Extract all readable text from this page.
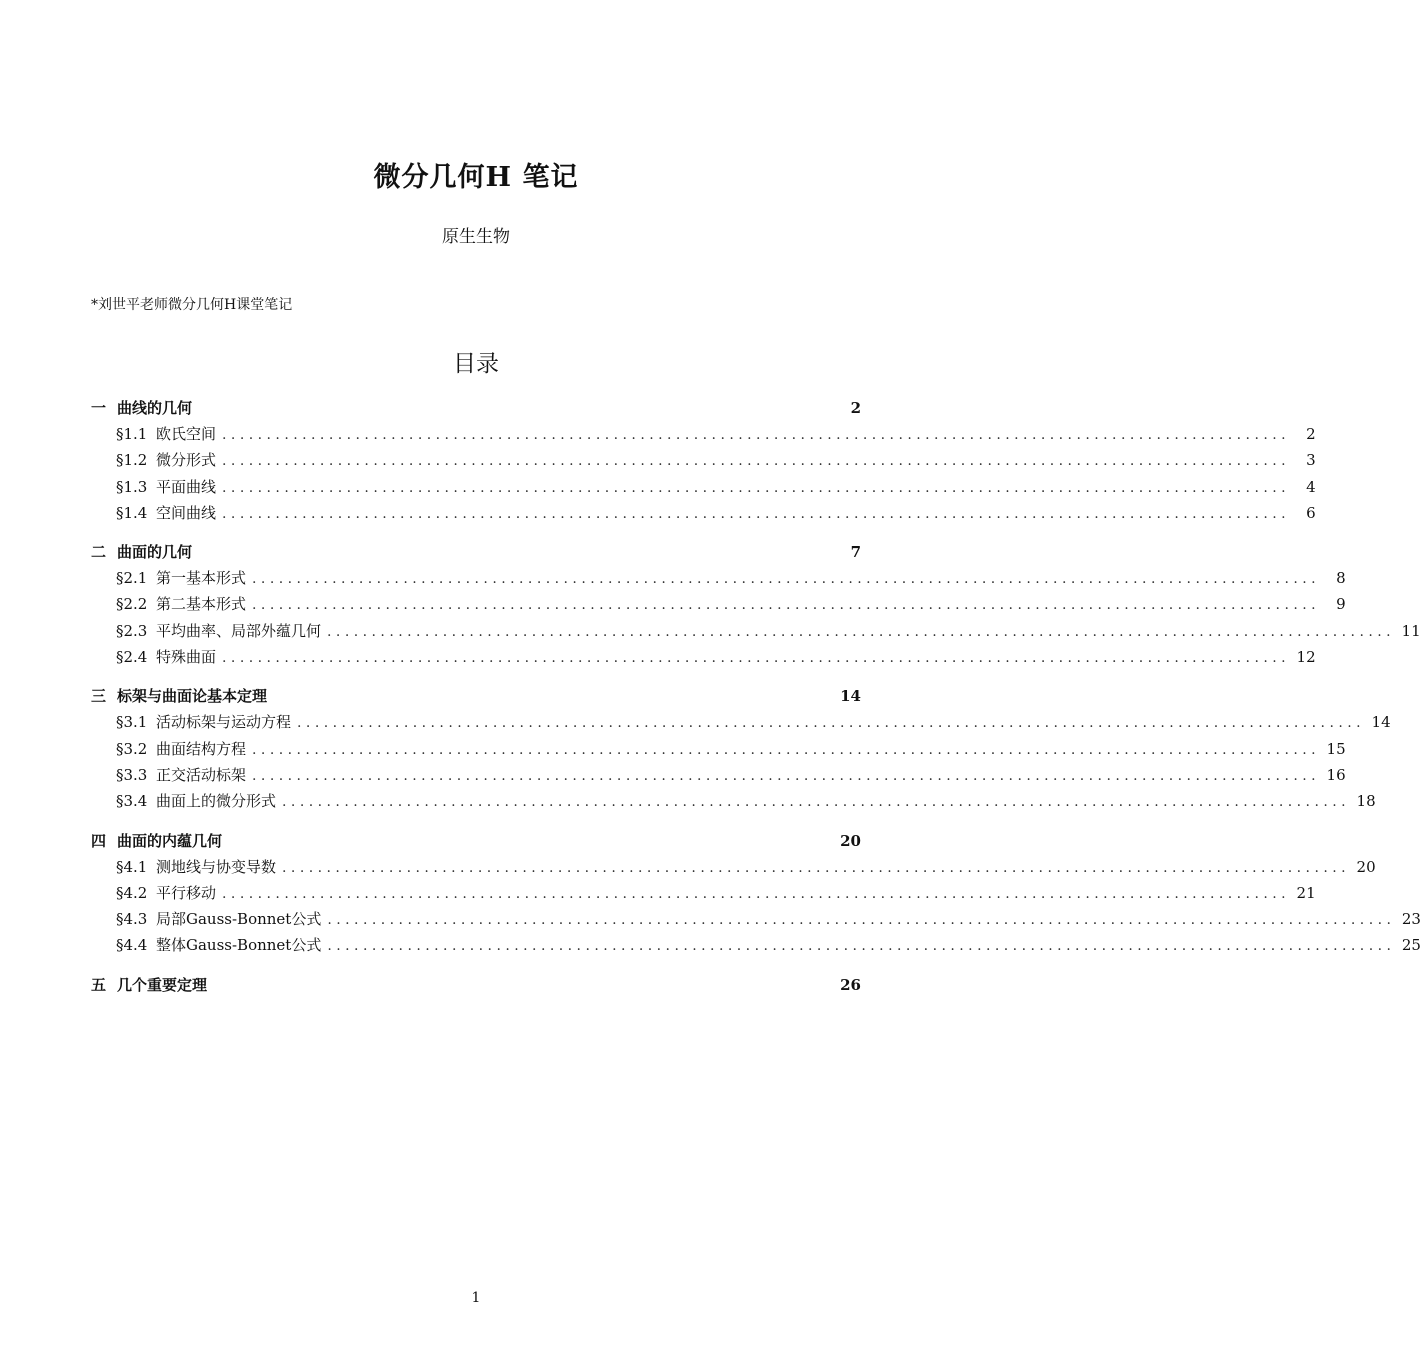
微分几何H 笔记
原生生物
*刘世平老师微分几何H课堂笔记
目录
一 曲线的几何	2
§1.1 欧氏空间 . . . . . . . . . . . . . . . . . . . . . . . . . . . . . . . . . . . . . . . . . . . . . . . . . . . . . . . . . . . . . . . . . . . . . . . . . . . . . . . . . . . . . . . . . . . . . . . . . . . . . . . . . . . . . . . . . . . . . . . .	2
§1.2 微分形式 . . . . . . . . . . . . . . . . . . . . . . . . . . . . . . . . . . . . . . . . . . . . . . . . . . . . . . . . . . . . . . . . . . . . . . . . . . . . . . . . . . . . . . . . . . . . . . . . . . . . . . . . . . . . . . . . . . . . . . . .	3
§1.3 平面曲线 . . . . . . . . . . . . . . . . . . . . . . . . . . . . . . . . . . . . . . . . . . . . . . . . . . . . . . . . . . . . . . . . . . . . . . . . . . . . . . . . . . . . . . . . . . . . . . . . . . . . . . . . . . . . . . . . . . . . . . . .	4
§1.4 空间曲线 . . . . . . . . . . . . . . . . . . . . . . . . . . . . . . . . . . . . . . . . . . . . . . . . . . . . . . . . . . . . . . . . . . . . . . . . . . . . . . . . . . . . . . . . . . . . . . . . . . . . . . . . . . . . . . . . . . . . . . . .	6
二 曲面的几何	7
§2.1 第一基本形式 . . . . . . . . . . . . . . . . . . . . . . . . . . . . . . . . . . . . . . . . . . . . . . . . . . . . . . . . . . . . . . . . . . . . . . . . . . . . . . . . . . . . . . . . . . . . . . . . . . . . . . . . . . . . . . . . . . . . . . . .	8
§2.2 第二基本形式 . . . . . . . . . . . . . . . . . . . . . . . . . . . . . . . . . . . . . . . . . . . . . . . . . . . . . . . . . . . . . . . . . . . . . . . . . . . . . . . . . . . . . . . . . . . . . . . . . . . . . . . . . . . . . . . . . . . . . . . .	9
§2.3 平均曲率、局部外蕴几何 . . . . . . . . . . . . . . . . . . . . . . . . . . . . . . . . . . . . . . . . . . . . . . . . . . . . . . . . . . . . . . . . . . . . . . . . . . . . . . . . . . . . . . . . . . . . . . . . . . . . . . . . . . . . . . . . . . . . . . . . 11
§2.4 特殊曲面 . . . . . . . . . . . . . . . . . . . . . . . . . . . . . . . . . . . . . . . . . . . . . . . . . . . . . . . . . . . . . . . . . . . . . . . . . . . . . . . . . . . . . . . . . . . . . . . . . . . . . . . . . . . . . . . . . . . . . . . . 12
三 标架与曲面论基本定理	14
§3.1 活动标架与运动方程 . . . . . . . . . . . . . . . . . . . . . . . . . . . . . . . . . . . . . . . . . . . . . . . . . . . . . . . . . . . . . . . . . . . . . . . . . . . . . . . . . . . . . . . . . . . . . . . . . . . . . . . . . . . . . . . . . . . . . . . . 14
§3.2 曲面结构方程 . . . . . . . . . . . . . . . . . . . . . . . . . . . . . . . . . . . . . . . . . . . . . . . . . . . . . . . . . . . . . . . . . . . . . . . . . . . . . . . . . . . . . . . . . . . . . . . . . . . . . . . . . . . . . . . . . . . . . . . . 15
§3.3 正交活动标架 . . . . . . . . . . . . . . . . . . . . . . . . . . . . . . . . . . . . . . . . . . . . . . . . . . . . . . . . . . . . . . . . . . . . . . . . . . . . . . . . . . . . . . . . . . . . . . . . . . . . . . . . . . . . . . . . . . . . . . . . 16
§3.4 曲面上的微分形式 . . . . . . . . . . . . . . . . . . . . . . . . . . . . . . . . . . . . . . . . . . . . . . . . . . . . . . . . . . . . . . . . . . . . . . . . . . . . . . . . . . . . . . . . . . . . . . . . . . . . . . . . . . . . . . . . . . . . . . . . 18
四 曲面的内蕴几何	20
§4.1 测地线与协变导数 . . . . . . . . . . . . . . . . . . . . . . . . . . . . . . . . . . . . . . . . . . . . . . . . . . . . . . . . . . . . . . . . . . . . . . . . . . . . . . . . . . . . . . . . . . . . . . . . . . . . . . . . . . . . . . . . . . . . . . . . 20
§4.2 平行移动 . . . . . . . . . . . . . . . . . . . . . . . . . . . . . . . . . . . . . . . . . . . . . . . . . . . . . . . . . . . . . . . . . . . . . . . . . . . . . . . . . . . . . . . . . . . . . . . . . . . . . . . . . . . . . . . . . . . . . . . . 21
§4.3 局部Gauss-Bonnet公式 . . . . . . . . . . . . . . . . . . . . . . . . . . . . . . . . . . . . . . . . . . . . . . . . . . . . . . . . . . . . . . . . . . . . . . . . . . . . . . . . . . . . . . . . . . . . . . . . . . . . . . . . . . . . . . . . . . . . . . . . 23
§4.4 整体Gauss-Bonnet公式 . . . . . . . . . . . . . . . . . . . . . . . . . . . . . . . . . . . . . . . . . . . . . . . . . . . . . . . . . . . . . . . . . . . . . . . . . . . . . . . . . . . . . . . . . . . . . . . . . . . . . . . . . . . . . . . . . . . . . . . . 25
五 几个重要定理	26
1
